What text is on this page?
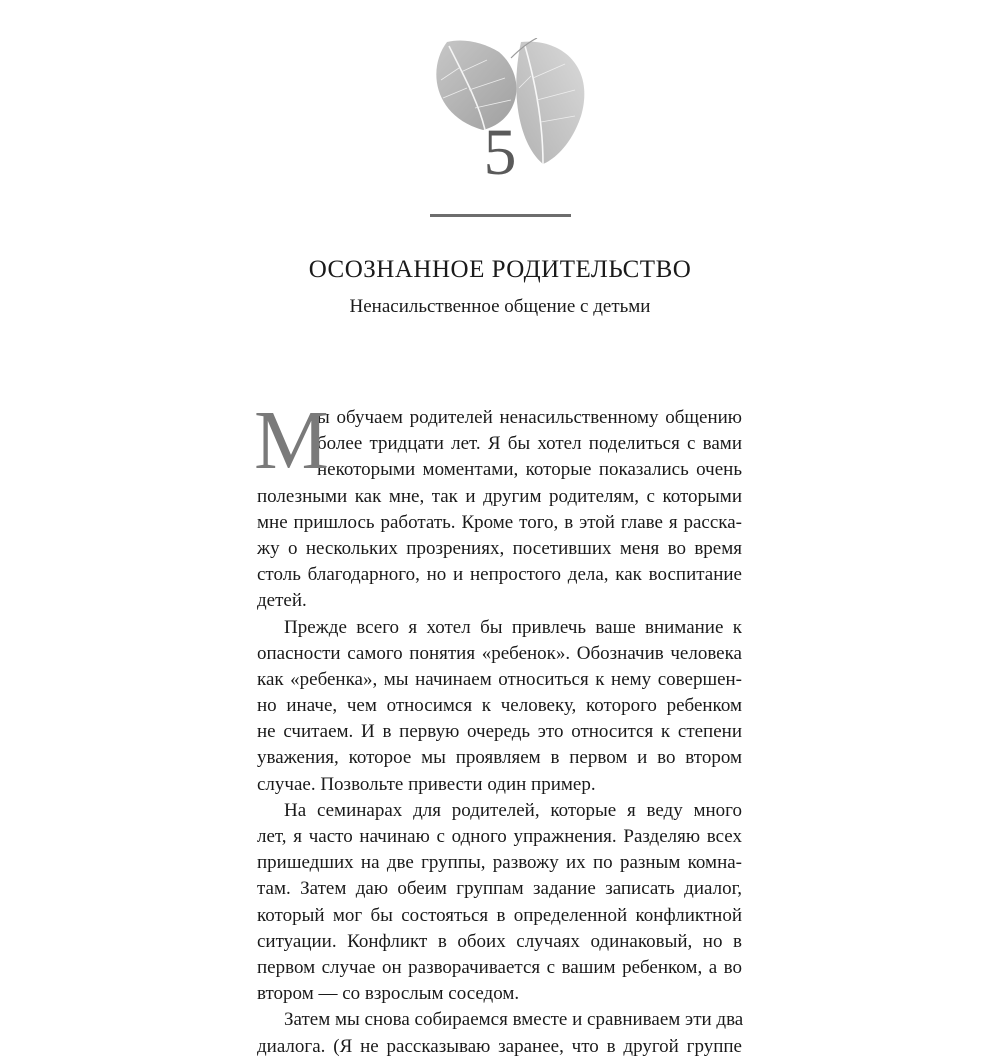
5
ОСОЗНАННОЕ РОДИТЕЛЬСТВО
Ненасильственное общение с детьми
М
ы обучаем родителей ненасильственному общению
более тридцати лет. Я бы хотел поделиться с вами
некоторыми моментами, которые показались очень
полезными как мне, так и другим родителям, с которыми
мне пришлось работать. Кроме того, в этой главе я расска-
жу о нескольких прозрениях, посетивших меня во время
столь благодарного, но и непростого дела, как воспитание
детей.
Прежде всего я хотел бы привлечь ваше внимание к
опасности самого понятия «ребенок». Обозначив человека
как «ребенка», мы начинаем относиться к нему совершен-
но иначе, чем относимся к человеку, которого ребенком
не считаем. И в первую очередь это относится к степени
уважения, которое мы проявляем в первом и во втором
случае. Позвольте привести один пример.
На семинарах для родителей, которые я веду много
лет, я часто начинаю с одного упражнения. Разделяю всех
пришедших на две группы, развожу их по разным комна-
там. Затем даю обеим группам задание записать диалог,
который мог бы состояться в определенной конфликтной
ситуации. Конфликт в обоих случаях одинаковый, но в
первом случае он разворачивается с вашим ребенком, а во
втором — со взрослым соседом.
Затем мы снова собираемся вместе и сравниваем эти два
диалога. (Я не рассказываю заранее, что в другой группе
